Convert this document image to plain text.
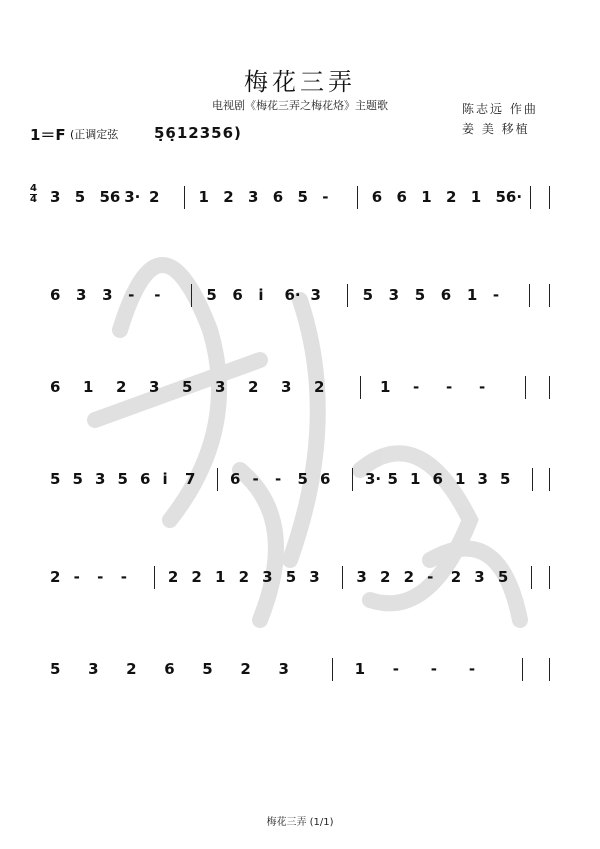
梅花三弄
电视剧《梅花三弄之梅花烙》主题歌	陈志远 作曲
姜 美 移植
1＝F (正调定弦 5̣6̣12356)
3 5 56 3· 2	1 2 3 6 5 -	6 6 1 2 1 56·
6 3 3 - -	5 6 i 6· 3	5 3 5 6 1 -
6 1 2 3 5 3 2 3 2	1 - - -
5 5 3 5 6 i 7 6 - - 5 6 3· 5 1 6 1 3 5
2 - - -	2 2 1 2 3 5 3 3 2 2 - 2 3 5
5 3 2 6 5 2 3	1 - - -
梅花三弄 (1/1)
4
4
